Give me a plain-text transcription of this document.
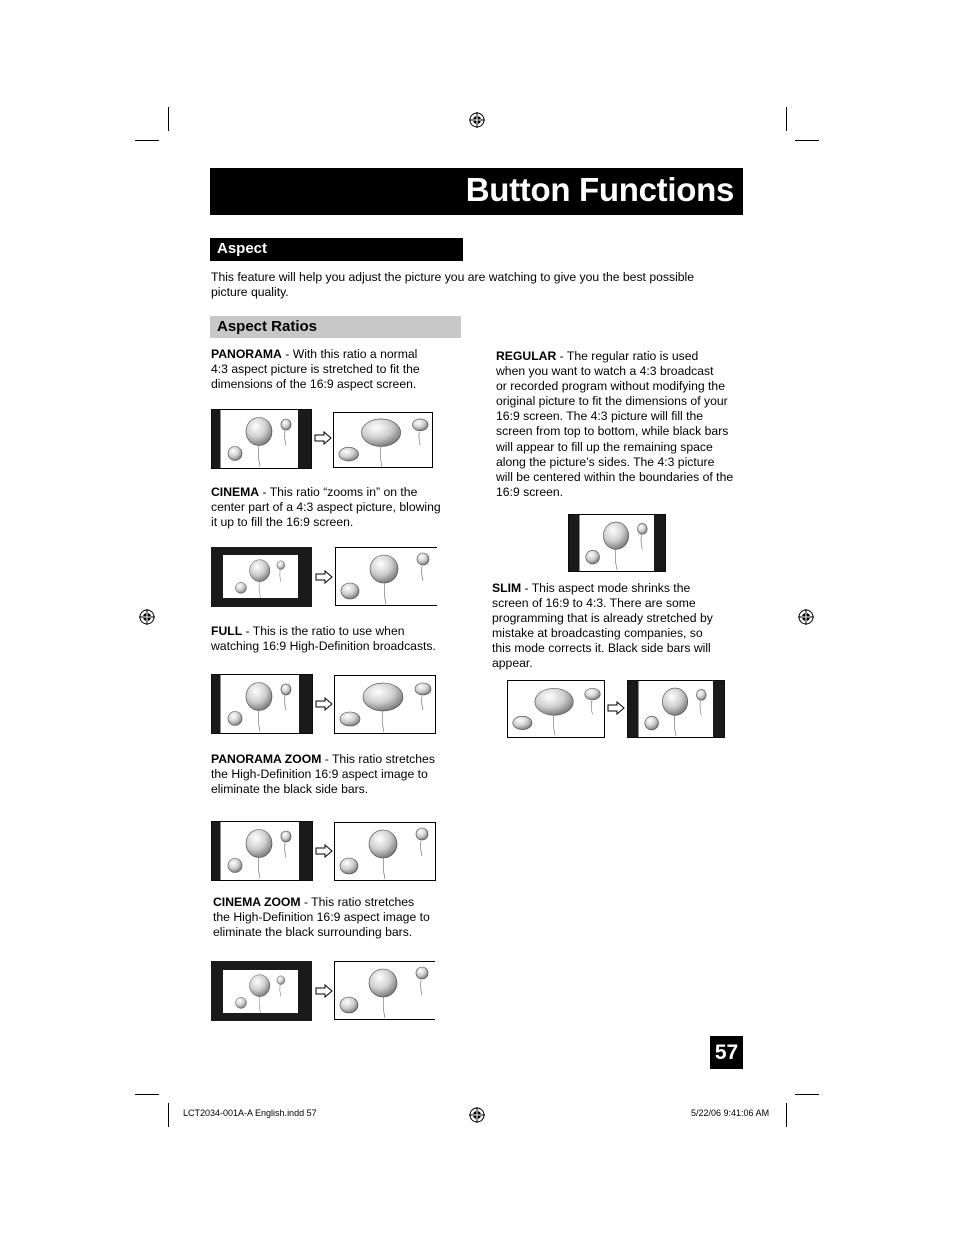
Button Functions
Aspect
This feature will help you adjust the picture you are watching to give you the best possible
picture quality.
Aspect Ratios
PANORAMA - With this ratio a normal
4:3 aspect picture is stretched to fit the
dimensions of the 16:9 aspect screen.
CINEMA - This ratio “zooms in” on the
center part of a 4:3 aspect picture, blowing
it up to fill the 16:9 screen.
FULL - This is the ratio to use when
watching 16:9 High-Definition broadcasts.
PANORAMA ZOOM - This ratio stretches
the High-Definition 16:9 aspect image to
eliminate the black side bars.
CINEMA ZOOM - This ratio stretches
the High-Definition 16:9 aspect image to
eliminate the black surrounding bars.
REGULAR - The regular ratio is used
when you want to watch a 4:3 broadcast
or recorded program without modifying the
original picture to fit the dimensions of your
16:9 screen. The 4:3 picture will fill the
screen from top to bottom, while black bars
will appear to fill up the remaining space
along the picture’s sides. The 4:3 picture
will be centered within the boundaries of the
16:9 screen.
SLIM - This aspect mode shrinks the
screen of 16:9 to 4:3. There are some
programming that is already stretched by
mistake at broadcasting companies, so
this mode corrects it. Black side bars will
appear.
57
LCT2034-001A-A English.indd 57	5/22/06 9:41:06 AM
